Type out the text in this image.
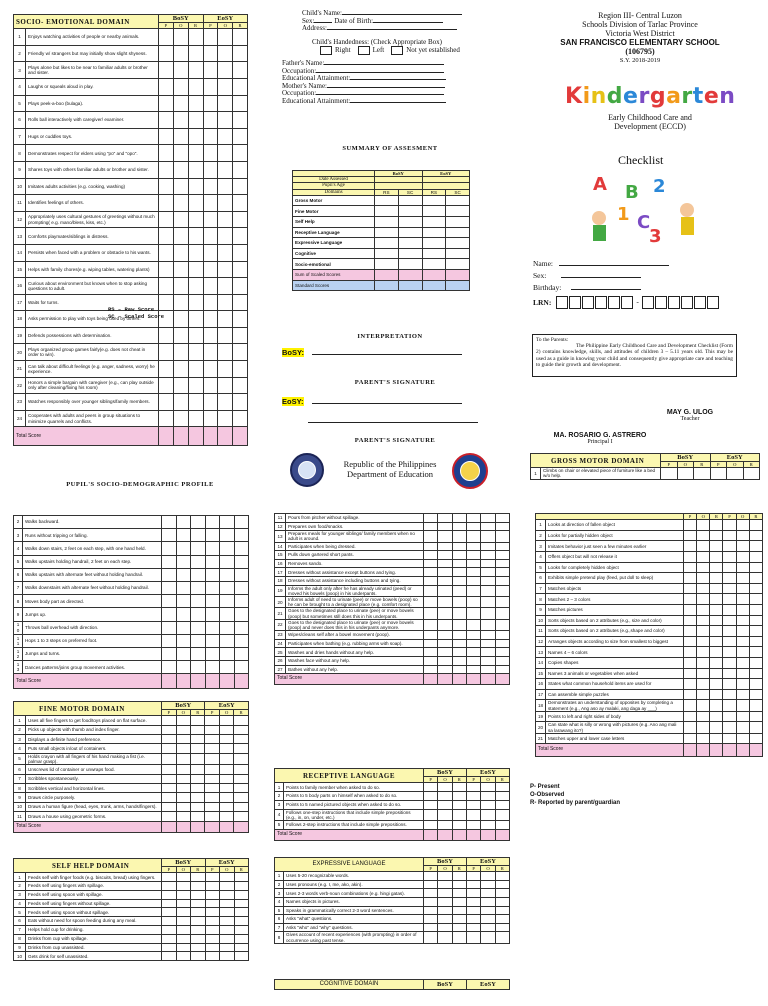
SOCIO- EMOTIONAL DOMAIN		BoSY			EoSY		
		P	O	R	P	O	R
1	Enjoys watching activities of people or nearby animals.						
2	Friendly w/ strangers but may initially show slight shyness.						
3	Plays alone but likes to be near to familiar adults or brother and sister.						
4	Laughs or squeals aloud in play.						
5	Plays peek-a-boo (bulaga).						
6	Rolls ball interactively with caregiver/ examiner.						
7	Hugs or cuddles toys.						
8	Demonstrates respect for elders using "po" and "opo".						
9	Shares toys with others familiar adults or brother and sister.						
10	Imitates adults activities (e.g. cooking, washing)						
11	Identifies feelings of others.						
12	Appropriately uses cultural gestures of greetings without much prompting( e.g. mano/bless, kiss, etc.)						
13	Comforts playmates/siblings in distress.						
14	Persists when faced with a problem or obstacle to his wants.						
15	Helps with family chores(e.g. wiping tables, watering plants)						
16	Curious about environment but knows when to stop asking questions to adult.						
17	Waits for turns.						
18	Asks permission to play with toys being used by others.						
19	Defends possessions with determination.						
20	Plays organized group games fairly(e.g. does not cheat in order to win).						
21	Can talk about difficult feelings (e.g. anger, sadness, worry) he experience.						
22	Honors a simple bargain with caregiver (e.g., can play outside only after cleaning/fixing his room)						
23	Watches responsibly over younger siblings/family members.						
24	Cooperates with adults and peers in group situations to minimize quarrels and conflicts.						
Total Score							
RS – Raw Score
SC – Scaled Score
PUPIL'S SOCIO-DEMOGRAPHIC PROFILE
Child's Name:
Sex:	Date of Birth:
Address:
Child's Handedness: (Check Appropriate Box)
Right	Left	Not yet established
Father's Name:
Occupation:
Educational Attainment:
Mother's Name:
Occupation:
Educational Attainment:
SUMMARY OF ASSESMENT
	BoSY		EoSY	
Date Assessed				
Pupil's Age				
Domains	RS	SC	RS	SC
Gross Motor				
Fine Motor				
Self Help				
Receptive Language				
Expressive Language				
Cognitive				
Socio-emotional				
Sum of Scaled Scores				
Standard Scores				
INTERPRETATION
BoSY:
PARENT'S SIGNATURE
EoSY:
PARENT'S SIGNATURE
Republic of the Philippines
Department of Education
Region III- Central Luzon
Schools Division of Tarlac Province
Victoria West District
SAN FRANCISCO ELEMENTARY SCHOOL
(106795)
S.Y. 2018-2019
Kindergarten
Early Childhood Care and
Development (ECCD)
Checklist
A B 2
1 C
3
Name:
Sex:
Birthday:
LRN:	-
To the Parents:
The Philippine Early Childhood Care and Development Checklist (Form 2) contains knowledge, skills, and attitudes of children 3 – 5.11 years old. This may be used as a guide in knowing your child and consequently give appropriate care and teaching to guide their growth and development.
MAY G. ULOG
Teacher
MA. ROSARIO G. ASTRERO
Principal I
GROSS MOTOR DOMAIN		BoSY			EoSY		
		P	O	R	P	O	R
1	Climbs on chair or elevated piece of furniture like a bed w/o help.						
2	Walks backward.						
3	Runs without tripping or falling.						
4	Walks down stairs, 2 feet on each step, with one hand held.						
5	Walks upstairs holding handrail, 2 feet on each step.						
6	Walks upstairs with alternate feet without holding handrail.						
7	Walks downstairs with alternate feet without holding handrail.						
8	Moves body part as directed.						
9	Jumps up.						
1 0	Throws ball overhead with direction.						
1 1	Hops 1 to 3 steps on preferred foot.						
1 2	Jumps and turns.						
1 3	Dances patterns/joins group movement activities.						
Total Score							
FINE MOTOR DOMAIN		BoSY			EoSY		
		P	O	R	P	O	R
1	Uses all five fingers to get food/toys placed on flat surface.						
2	Picks up objects with thumb and index finger.						
3	Displays a definite hand preference.						
4	Puts small objects in/out of containers.						
5	Holds crayon with all fingers of his hand making a fist (i.e. palmar grasp).						
6	Unscrews lid of container or unwraps food.						
7	Scribbles spontaneously.						
8	Scribbles vertical and horizontal lines.						
9	Draws circle purposely.						
10	Draws a human figure (head, eyes, trunk, arms, hands/fingers).						
11	Draws a house using geometric forms.						
Total Score							
SELF HELP DOMAIN		BoSY			EoSY		
		P	O	R	P	O	R
1	Feeds self with finger foods (e.g. biscuits, bread) using fingers.						
2	Feeds self using fingers with spillage.						
3	Feeds self using spoon with spillage.						
4	Feeds self using fingers without spillage.						
5	Feeds self using spoon without spillage.						
6	Eats without need for spoon feeding during any meal.						
7	Helps hold cup for drinking.						
8	Drinks from cup with spillage.						
9	Drinks from cup unassisted.						
10	Gets drink for self unassisted.						
11	Pours from pitcher without spillage.						
12	Prepares own food/snacks.						
13	Prepares meals for younger siblings/ family members when no adult is around.						
14	Participates when being dressed.						
15	Pulls down gartered short pants.						
16	Removes sando.						
17	Dresses without assistance except buttons and tying.						
18	Dresses without assistance including buttons and tying.						
19	Informs the adult only after he has already urinated (peed) or moved his bowels (poop) in his underpants.						
20	Informs adult of need to urinate (pee) or move bowels (poop) so he can be brought to a designated place (e.g. comfort room).						
21	Goes to the designated place to urinate (pee) or move bowels (poop) but sometimes still does this in his underpants.						
22	Goes to the designated place to urinate (pee) or move bowels (poop) and never does this in his underpants anymore.						
23	Wipes/cleans self after a bowel movement (poop).						
24	Participates when bathing (e.g. rubbing arms with soap).						
25	Washes and dries hands without any help.						
26	Washes face without any help.						
27	Bathes without any help.						
Total Score							
RECEPTIVE LANGUAGE		BoSY			EoSY		
		P	O	R	P	O	R
1	Points to family member when asked to do so.						
2	Points to 5 body parts on himself when asked to do so.						
3	Points to 5 named pictured objects when asked to do so.						
4	Follows one-step instructions that include simple prepositions (e.g., in, on, under, etc.)						
5	Follows 2-step instructions that include simple prepositions.						
Total Score							
EXPRESSIVE LANGUAGE		BoSY			EoSY		
		P	O	R	P	O	R
1	Uses 5-20 recognizable words.						
2	Uses pronouns (e.g. I, me, ako, akin).						
3	Uses 2-3 words verb-noun combinations (e.g. hingi gatas).						
4	Names objects in pictures.						
5	Speaks in grammatically correct 2-3 word sentences.						
6	Asks "what" questions.						
7	Asks "who" and "why" questions.						
8	Gives account of recent experiences (with prompting) in order of occurrence using past tense.						
COGNITIVE DOMAIN	BoSY	EoSY
		P	O	R	P	O	R
1	Looks at direction of fallen object						
2	Looks for partially hidden object						
3	Imitates behavior just seen a few minutes earlier						
4	Offers object but will not release it						
5	Looks for completely hidden object						
6	Exhibits simple pretend play (feed, put doll to sleep)						
7	Matches objects						
8	Matches 2 – 3 colors						
9	Matches pictures						
10	Sorts objects based on 2 attributes (e.g., size and color)						
11	Sorts objects based on 2 attributes (e.g.,shape and color)						
12	Arranges objects according to size from smallest to biggest						
13	Names 4 – 6 colors						
14	Copies shapes						
15	Names 3 animals or vegetables when asked						
16	States what common household items are used for						
17	Can assemble simple puzzles						
18	Demonstrates an understanding of opposites by completing a statement (e.g., Ang aso ay malaki, ang daga ay ___)						
19	Points to left and right sides of body						
20	Can state what is silly or wrong with pictures (e.g. Ano ang mali sa larawang ito?)						
21	Matches upper and lower case letters						
Total Score							
P- Present
O-Observed
R- Reported by parent/guardian
